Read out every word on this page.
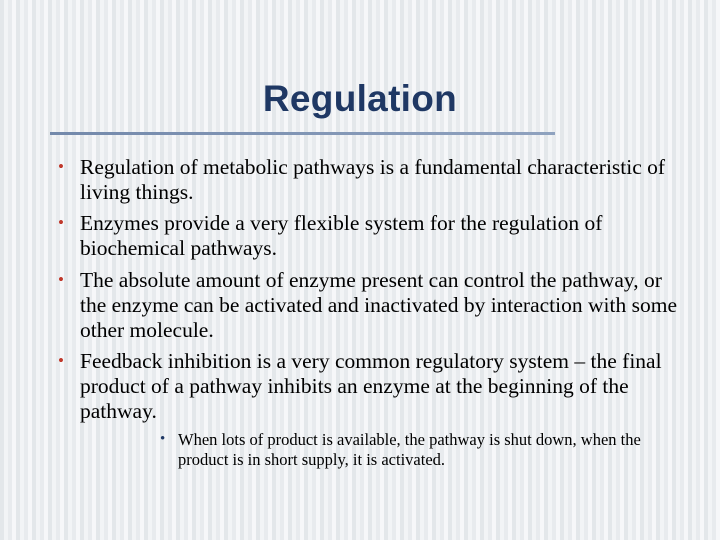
Regulation
• Regulation of metabolic pathways is a fundamental characteristic of living things.
• Enzymes provide a very flexible system for the regulation of biochemical pathways.
• The absolute amount of enzyme present can control the pathway, or the enzyme can be activated and inactivated by interaction with some other molecule.
• Feedback inhibition is a very common regulatory system – the final product of a pathway inhibits an enzyme at the beginning of the pathway.
• When lots of product is available, the pathway is shut down, when the product is in short supply, it is activated.
